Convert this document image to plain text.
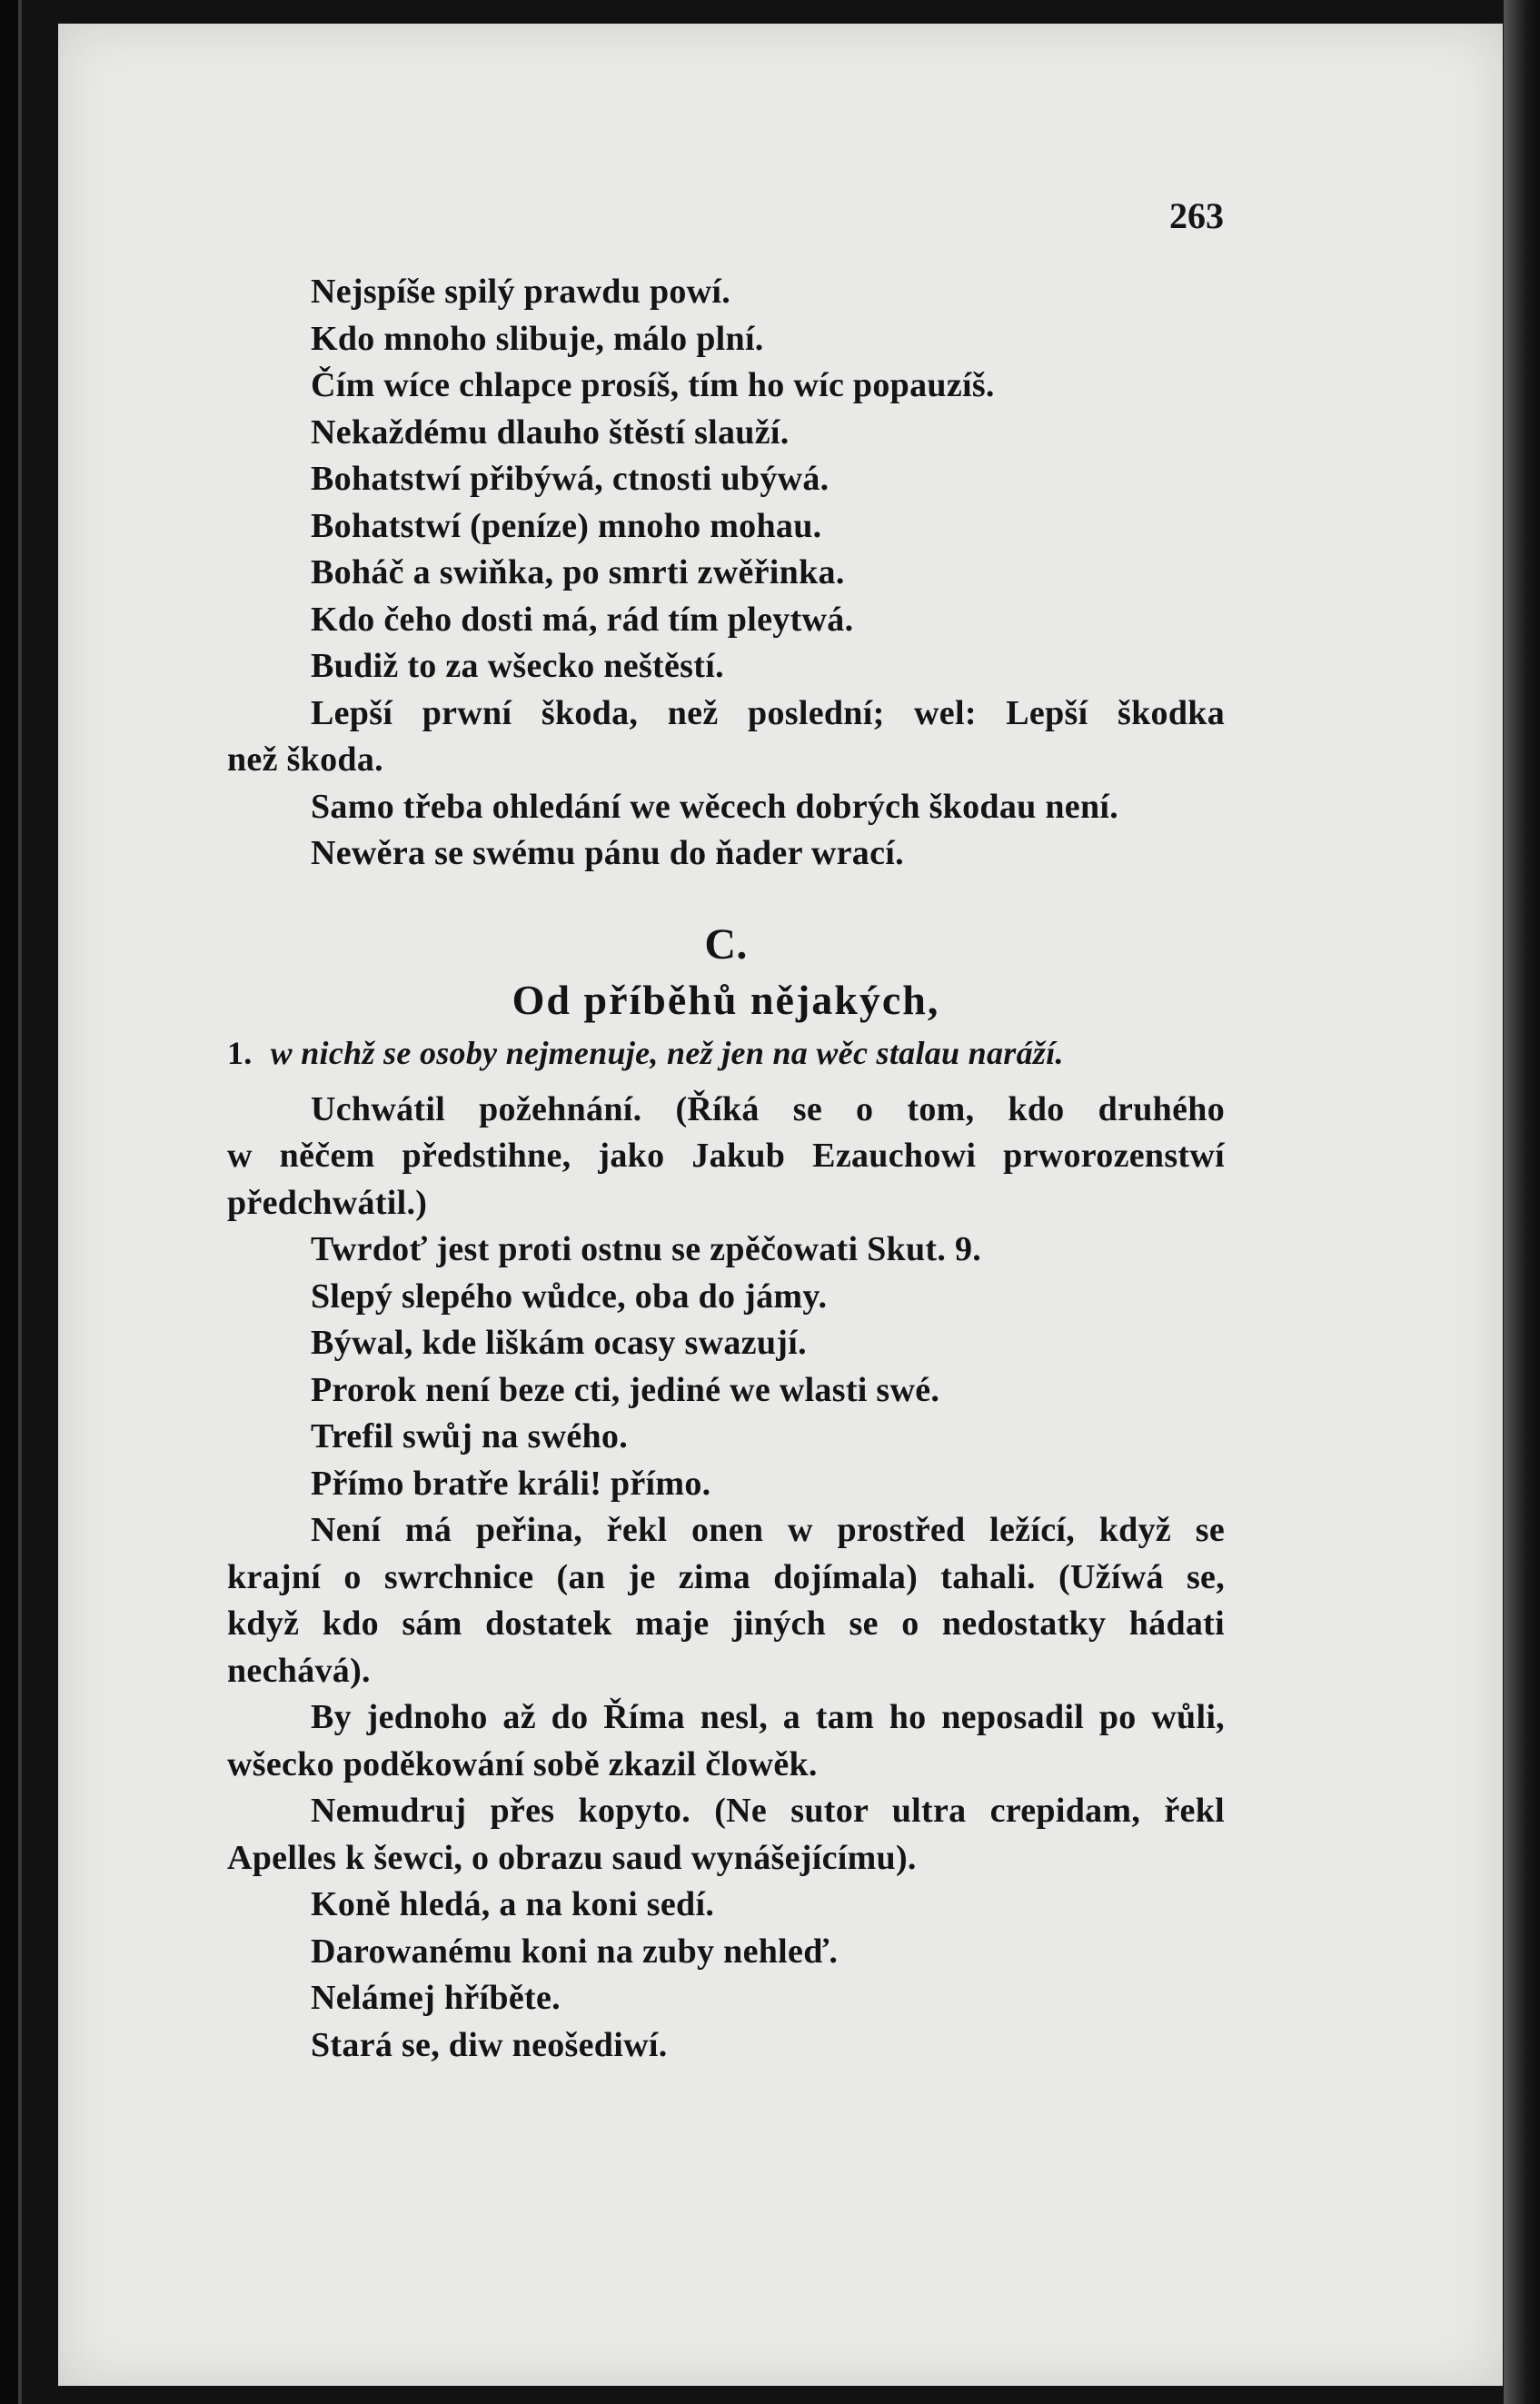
263
Nejspíše spilý prawdu powí.
Kdo mnoho slibuje, málo plní.
Čím wíce chlapce prosíš, tím ho wíc popauzíš.
Nekaždému dlauho štěstí slauží.
Bohatstwí přibýwá, ctnosti ubýwá.
Bohatstwí (peníze) mnoho mohau.
Boháč a swiňka, po smrti zwěřinka.
Kdo čeho dosti má, rád tím pleytwá.
Budiž to za wšecko neštěstí.
Lepší prwní škoda, než poslední; wel: Lepší škodka
než škoda.
Samo třeba ohledání we wěcech dobrých škodau není.
Newěra se swému pánu do ňader wrací.
C.
Od příběhů nějakých,
1. w nichž se osoby nejmenuje, než jen na wěc stalau naráží.
Uchwátil požehnání. (Říká se o tom, kdo druhého
w něčem předstihne, jako Jakub Ezauchowi prworozenstwí
předchwátil.)
Twrdoť jest proti ostnu se zpěčowati Skut. 9.
Slepý slepého wůdce, oba do jámy.
Býwal, kde liškám ocasy swazují.
Prorok není beze cti, jediné we wlasti swé.
Trefil swůj na swého.
Přímo bratře králi! přímo.
Není má peřina, řekl onen w prostřed ležící, když se
krajní o swrchnice (an je zima dojímala) tahali. (Užíwá se,
když kdo sám dostatek maje jiných se o nedostatky hádati
nechává).
By jednoho až do Říma nesl, a tam ho neposadil po wůli,
wšecko poděkowání sobě zkazil člowěk.
Nemudruj přes kopyto. (Ne sutor ultra crepidam, řekl
Apelles k šewci, o obrazu saud wynášejícímu).
Koně hledá, a na koni sedí.
Darowanému koni na zuby nehleď.
Nelámej hříběte.
Stará se, diw neošediwí.
